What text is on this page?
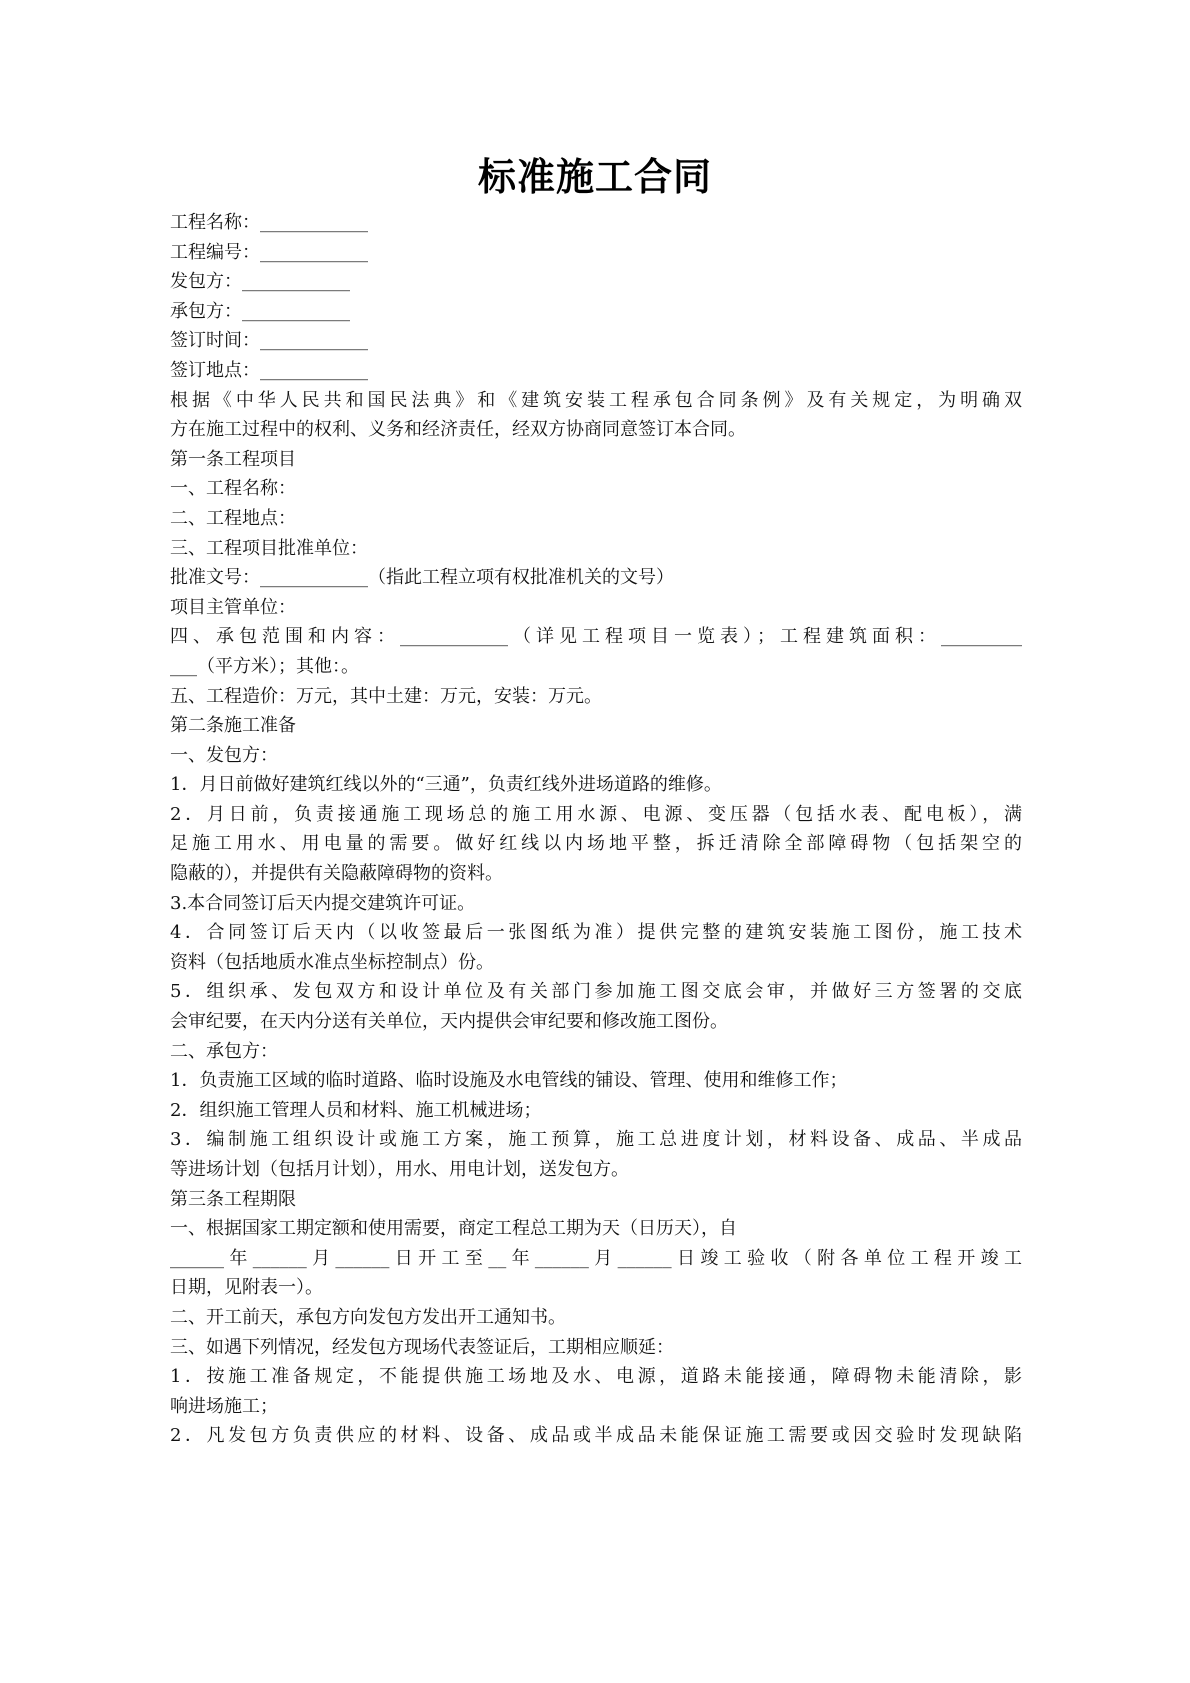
标准施工合同
工程名称：____________
工程编号：____________
发包方：____________
承包方：____________
签订时间：____________
签订地点：____________
根据《中华人民共和国民法典》和《建筑安装工程承包合同条例》及有关规定，为明确双
方在施工过程中的权利、义务和经济责任，经双方协商同意签订本合同。
第一条工程项目
一、工程名称：
二、工程地点：
三、工程项目批准单位：
批准文号：____________（指此工程立项有权批准机关的文号）
项目主管单位：
四、承包范围和内容：____________（详见工程项目一览表）；工程建筑面积：_________
___（平方米）；其他：。
五、工程造价：万元，其中土建：万元，安装：万元。
第二条施工准备
一、发包方：
1．月日前做好建筑红线以外的“三通”，负责红线外进场道路的维修。
2．月日前，负责接通施工现场总的施工用水源、电源、变压器（包括水表、配电板），满
足施工用水、用电量的需要。做好红线以内场地平整，拆迁清除全部障碍物（包括架空的
隐蔽的），并提供有关隐蔽障碍物的资料。
3.本合同签订后天内提交建筑许可证。
4．合同签订后天内（以收签最后一张图纸为准）提供完整的建筑安装施工图份，施工技术
资料（包括地质水准点坐标控制点）份。
5．组织承、发包双方和设计单位及有关部门参加施工图交底会审，并做好三方签署的交底
会审纪要，在天内分送有关单位，天内提供会审纪要和修改施工图份。
二、承包方：
1．负责施工区域的临时道路、临时设施及水电管线的铺设、管理、使用和维修工作；
2．组织施工管理人员和材料、施工机械进场；
3．编制施工组织设计或施工方案，施工预算，施工总进度计划，材料设备、成品、半成品
等进场计划（包括月计划），用水、用电计划，送发包方。
第三条工程期限
一、根据国家工期定额和使用需要，商定工程总工期为天（日历天），自
______年______月______日开工至__年______月______日竣工验收（附各单位工程开竣工
日期，见附表一）。
二、开工前天，承包方向发包方发出开工通知书。
三、如遇下列情况，经发包方现场代表签证后，工期相应顺延：
1．按施工准备规定，不能提供施工场地及水、电源，道路未能接通，障碍物未能清除，影
响进场施工；
2．凡发包方负责供应的材料、设备、成品或半成品未能保证施工需要或因交验时发现缺陷
